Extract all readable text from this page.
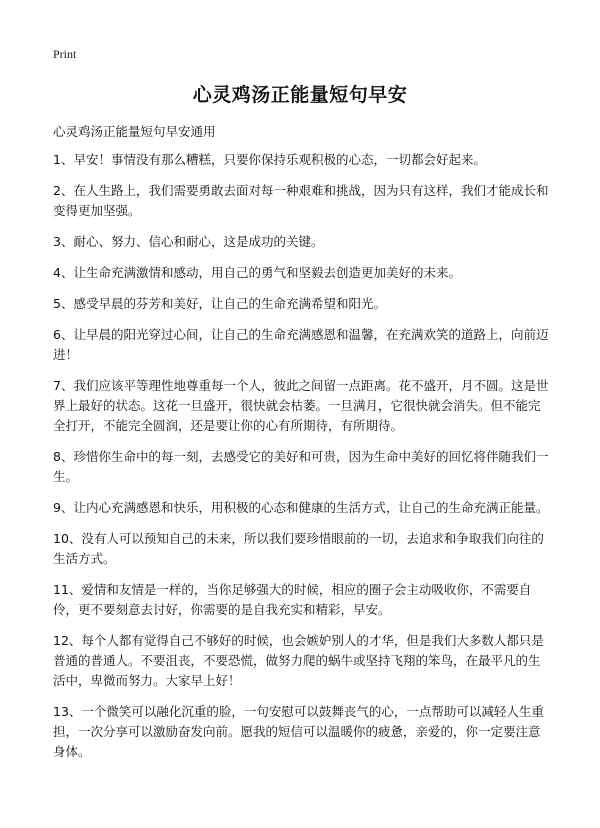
Print
心灵鸡汤正能量短句早安

心灵鸡汤正能量短句早安通用

1、早安！事情没有那么糟糕，只要你保持乐观积极的心态，一切都会好起来。
2、在人生路上，我们需要勇敢去面对每一种艰难和挑战，因为只有这样，我们才能成长和变得更加坚强。
3、耐心、努力、信心和耐心，这是成功的关键。
4、让生命充满激情和感动，用自己的勇气和坚毅去创造更加美好的未来。
5、感受早晨的芬芳和美好，让自己的生命充满希望和阳光。
6、让早晨的阳光穿过心间，让自己的生命充满感恩和温馨，在充满欢笑的道路上，向前迈进！
7、我们应该平等理性地尊重每一个人，彼此之间留一点距离。花不盛开，月不圆。这是世界上最好的状态。这花一旦盛开，很快就会枯萎。一旦满月，它很快就会消失。但不能完全打开，不能完全圆润，还是要让你的心有所期待，有所期待。
8、珍惜你生命中的每一刻，去感受它的美好和可贵，因为生命中美好的回忆将伴随我们一生。
9、让内心充满感恩和快乐，用积极的心态和健康的生活方式，让自己的生命充满正能量。
10、没有人可以预知自己的未来，所以我们要珍惜眼前的一切，去追求和争取我们向往的生活方式。
11、爱情和友情是一样的，当你足够强大的时候，相应的圈子会主动吸收你，不需要自伶，更不要刻意去讨好，你需要的是自我充实和精彩，早安。
12、每个人都有觉得自己不够好的时候，也会嫉妒别人的才华，但是我们大多数人都只是普通的普通人。不要沮丧，不要恐慌，做努力爬的蜗牛或坚持飞翔的笨鸟，在最平凡的生活中，卑微而努力。大家早上好！
13、一个微笑可以融化沉重的脸，一句安慰可以鼓舞丧气的心，一点帮助可以减轻人生重担，一次分享可以激励奋发向前。愿我的短信可以温暖你的疲惫，亲爱的，你一定要注意身体。
